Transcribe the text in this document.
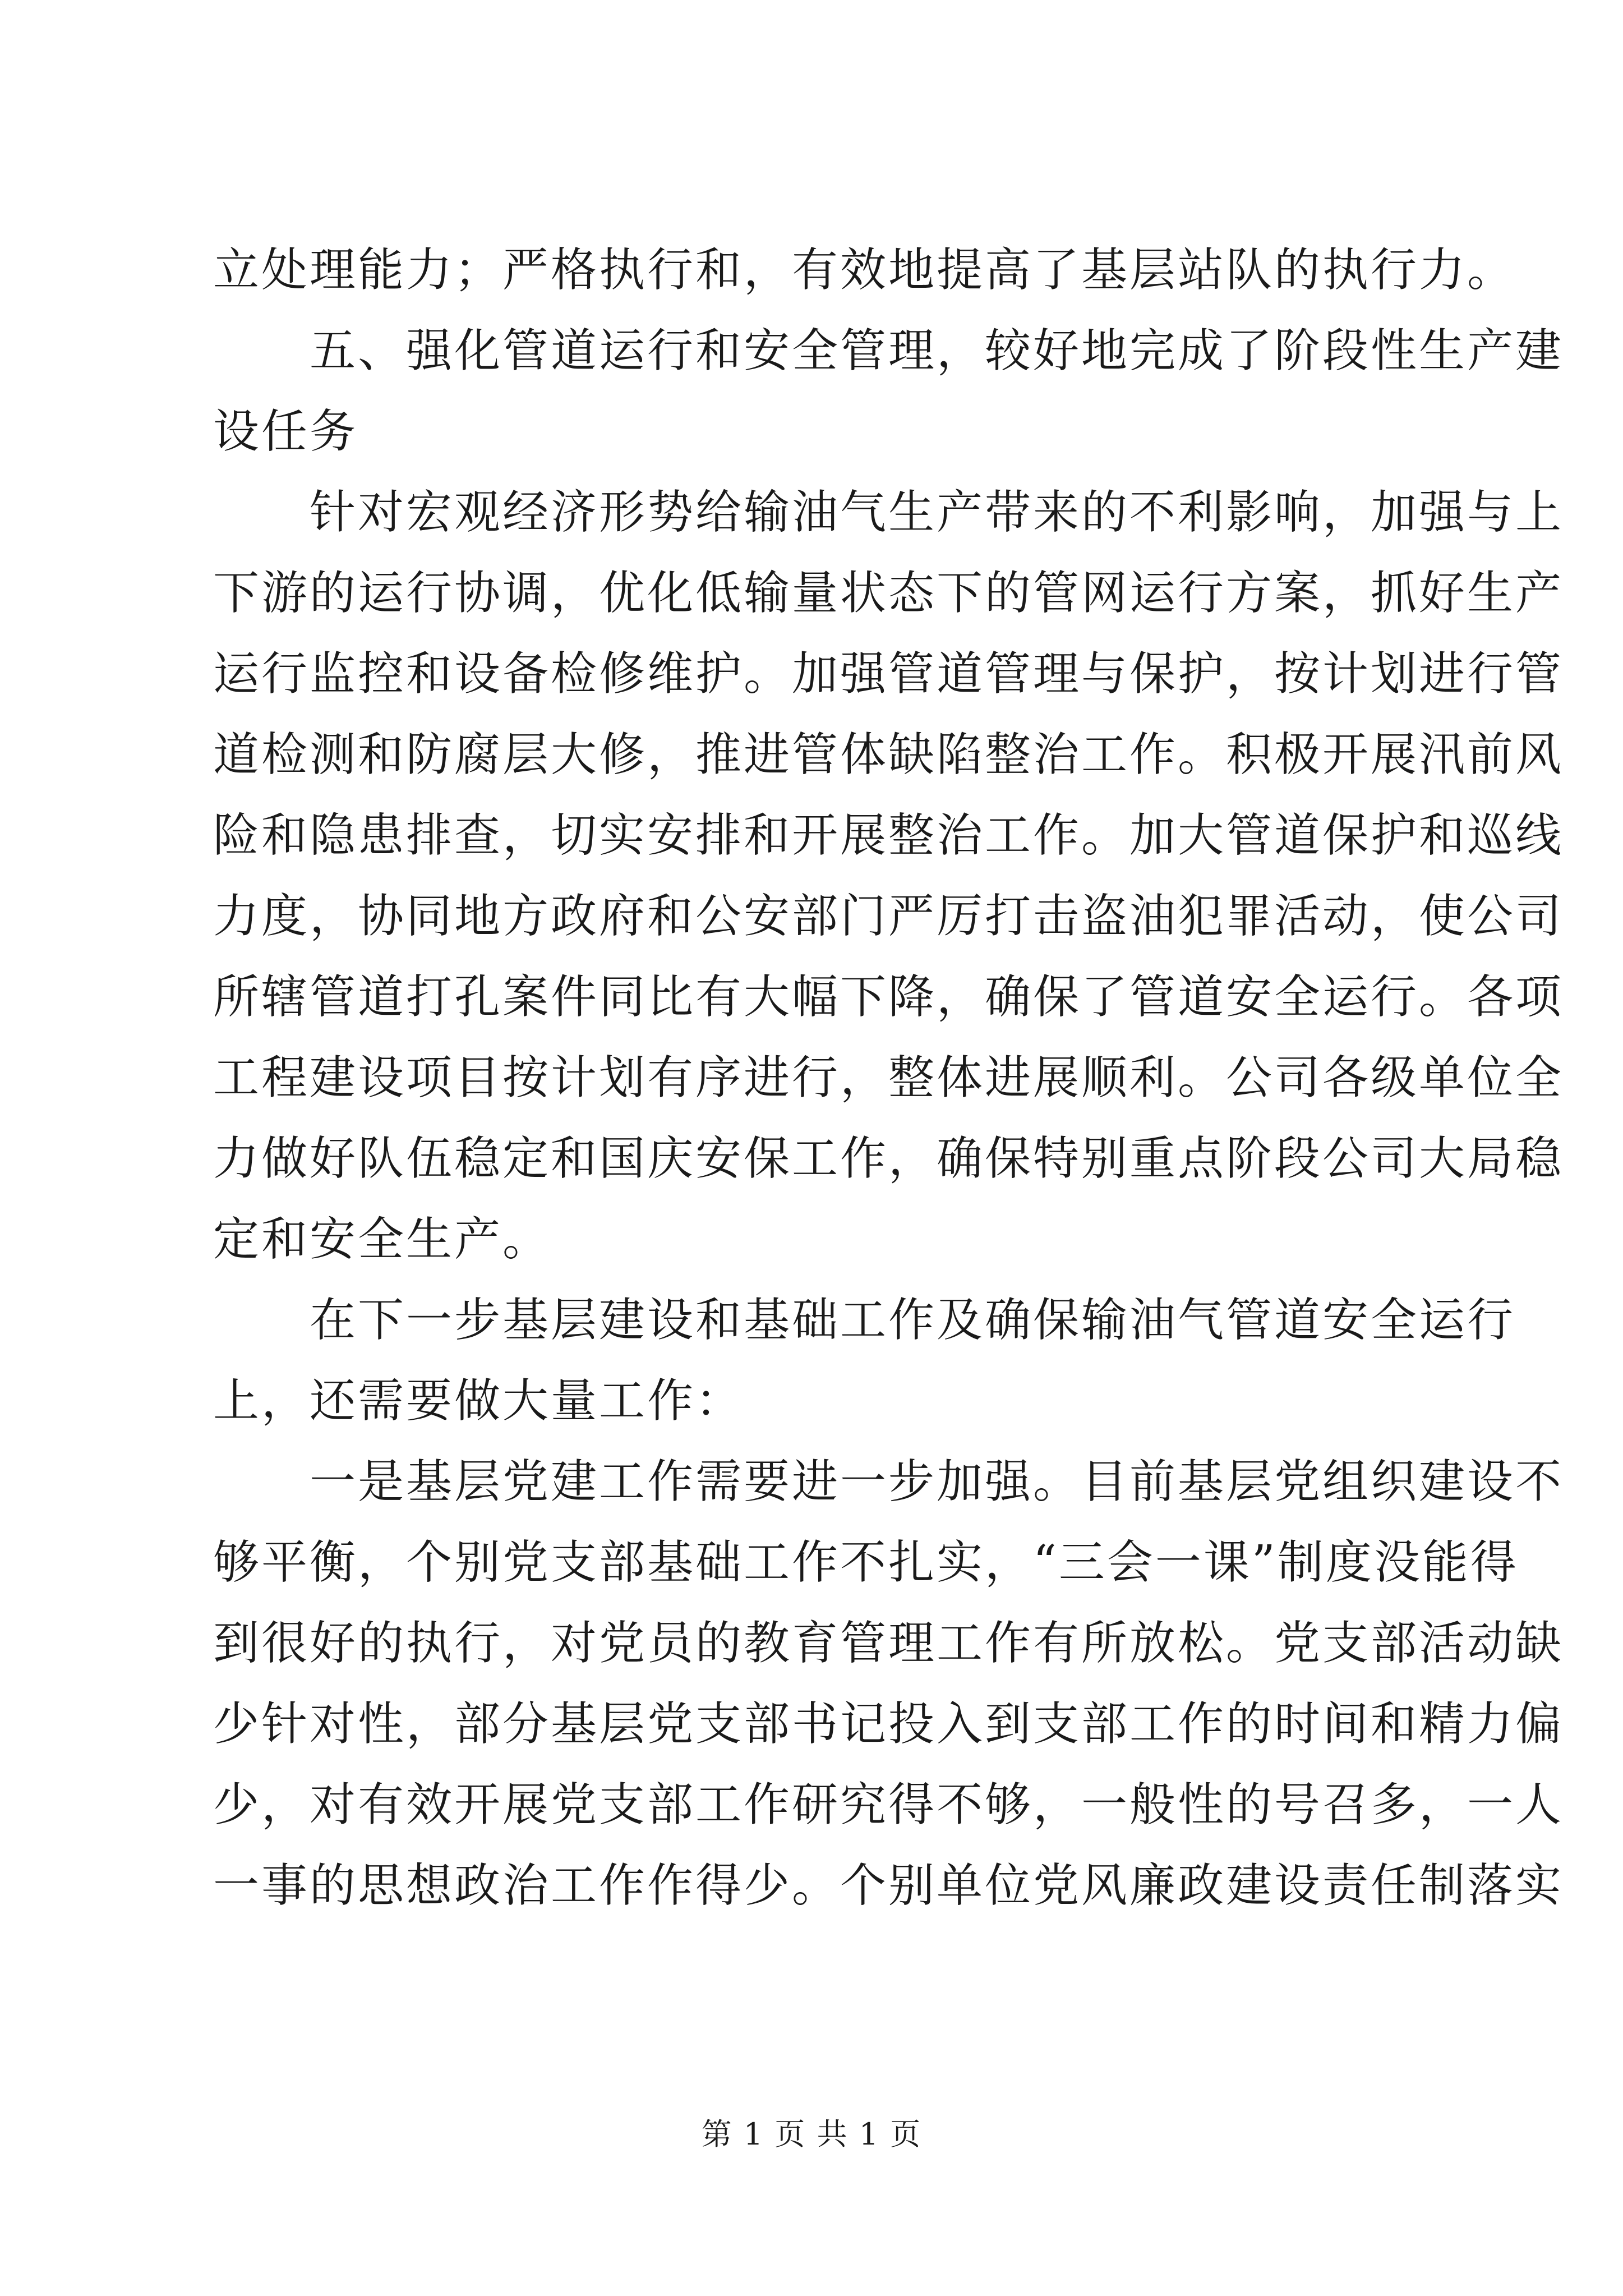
立处理能力；严格执行和，有效地提高了基层站队的执行力。
五、强化管道运行和安全管理，较好地完成了阶段性生产建
设任务
针对宏观经济形势给输油气生产带来的不利影响，加强与上
下游的运行协调，优化低输量状态下的管网运行方案，抓好生产
运行监控和设备检修维护。加强管道管理与保护，按计划进行管
道检测和防腐层大修，推进管体缺陷整治工作。积极开展汛前风
险和隐患排查，切实安排和开展整治工作。加大管道保护和巡线
力度，协同地方政府和公安部门严厉打击盗油犯罪活动，使公司
所辖管道打孔案件同比有大幅下降，确保了管道安全运行。各项
工程建设项目按计划有序进行，整体进展顺利。公司各级单位全
力做好队伍稳定和国庆安保工作，确保特别重点阶段公司大局稳
定和安全生产。
在下一步基层建设和基础工作及确保输油气管道安全运行
上，还需要做大量工作：
一是基层党建工作需要进一步加强。目前基层党组织建设不
够平衡，个别党支部基础工作不扎实，“三会一课”制度没能得
到很好的执行，对党员的教育管理工作有所放松。党支部活动缺
少针对性，部分基层党支部书记投入到支部工作的时间和精力偏
少，对有效开展党支部工作研究得不够，一般性的号召多，一人
一事的思想政治工作作得少。个别单位党风廉政建设责任制落实
第 1 页 共 1 页
